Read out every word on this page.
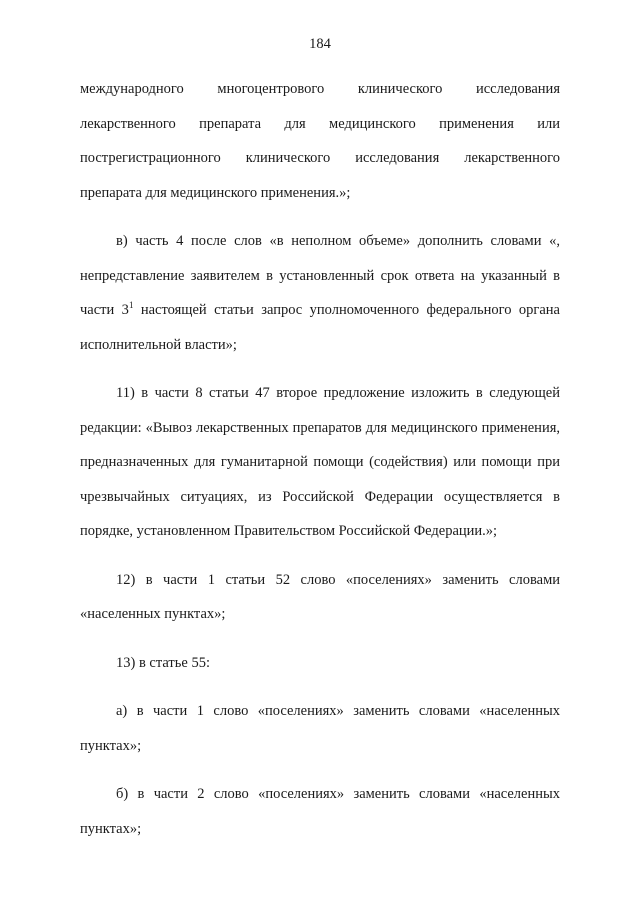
184

международного многоцентрового клинического исследования лекарственного препарата для медицинского применения или пострегистрационного клинического исследования лекарственного препарата для медицинского применения.»;

в) часть 4 после слов «в неполном объеме» дополнить словами «, непредставление заявителем в установленный срок ответа на указанный в части $3^1$ настоящей статьи запрос уполномоченного федерального органа исполнительной власти»;

11) в части 8 статьи 47 второе предложение изложить в следующей редакции: «Вывоз лекарственных препаратов для медицинского применения, предназначенных для гуманитарной помощи (содействия) или помощи при чрезвычайных ситуациях, из Российской Федерации осуществляется в порядке, установленном Правительством Российской Федерации.»;

12) в части 1 статьи 52 слово «поселениях» заменить словами «населенных пунктах»;

13) в статье 55:

а) в части 1 слово «поселениях» заменить словами «населенных пунктах»;

б) в части 2 слово «поселениях» заменить словами «населенных пунктах»;
